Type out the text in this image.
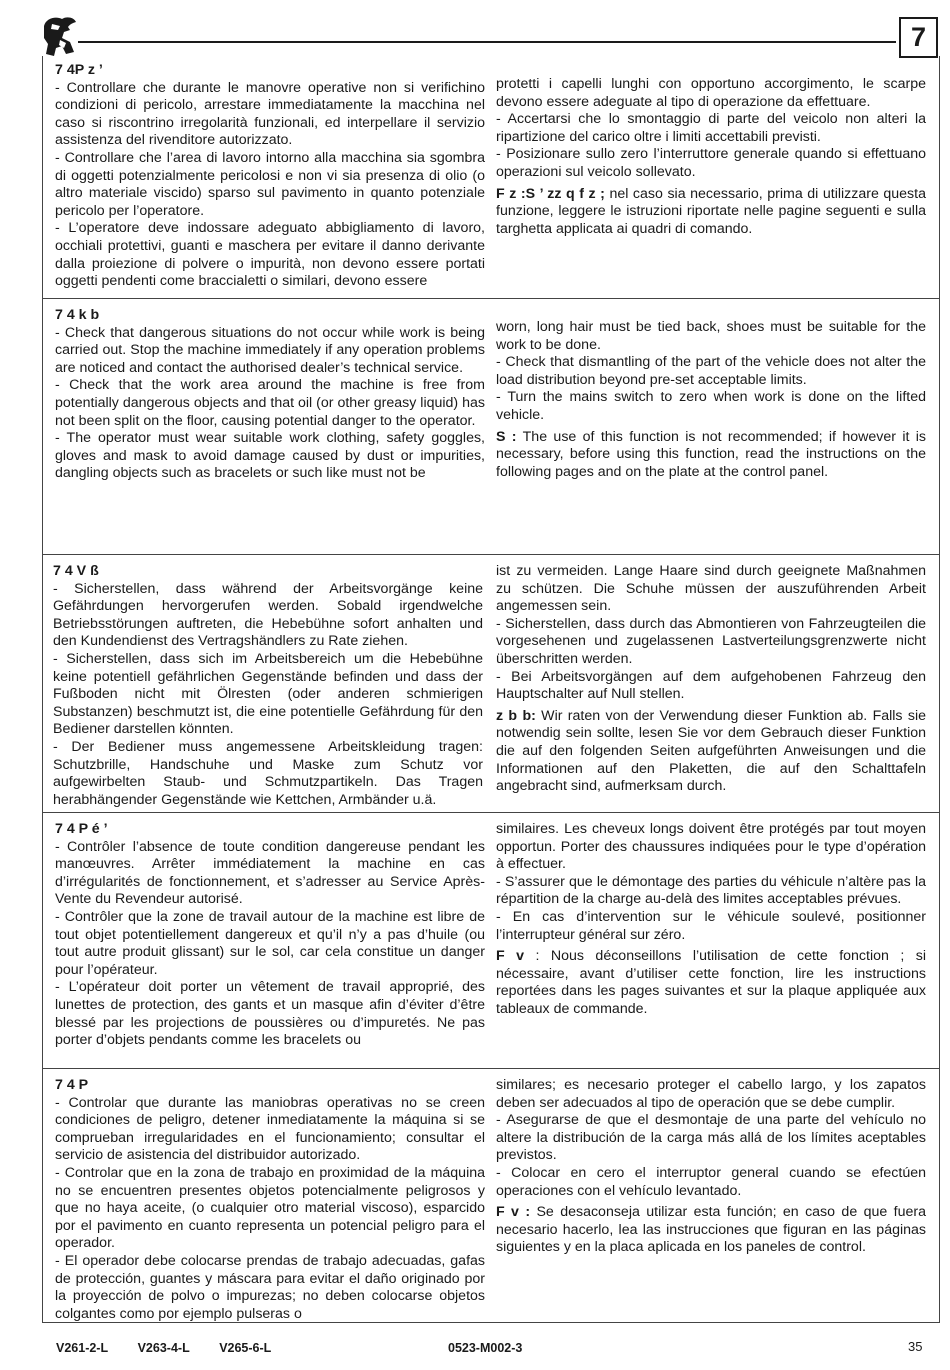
7
7 4P z ’
- Controllare che durante le manovre operative non si verifichino condizioni di pericolo, arrestare immediatamente la macchina nel caso si riscontrino irregolarità funzionali, ed interpellare il servizio assistenza del rivenditore autorizzato.
- Controllare che l’area di lavoro intorno alla macchina sia sgombra di oggetti potenzialmente pericolosi e non vi sia presenza di olio (o altro materiale viscido) sparso sul pavimento in quanto potenziale pericolo per l’operatore.
- L’operatore deve indossare adeguato abbigliamento di lavoro, occhiali protettivi, guanti e maschera per evitare il danno derivante dalla proiezione di polvere o impurità, non devono essere portati oggetti pendenti come braccialetti o similari, devono essere
protetti i capelli lunghi con opportuno accorgimento, le scarpe devono essere adeguate al tipo di operazione da effettuare.
- Accertarsi che lo smontaggio di parte del veicolo non alteri la ripartizione del carico oltre i limiti accettabili previsti.
- Posizionare sullo zero l’interruttore generale quando si effettuano operazioni sul veicolo sollevato.
F z :S ’ zz q f z ; nel caso sia necessario, prima di utilizzare questa funzione, leggere le istruzioni riportate nelle pagine seguenti e sulla targhetta applicata ai quadri di comando.
7 4 k b
- Check that dangerous situations do not occur while work is being carried out. Stop the machine immediately if any operation problems are noticed and contact the authorised dealer’s technical service.
- Check that the work area around the machine is free from potentially dangerous objects and that oil (or other greasy liquid) has not been split on the floor, causing potential danger to the operator.
- The operator must wear suitable work clothing, safety goggles, gloves and mask to avoid damage caused by dust or impurities, dangling objects such as bracelets or such like must not be
worn, long hair must be tied back, shoes must be suitable for the work to be done.
- Check that dismantling of the part of the vehicle does not alter the load distribution beyond pre-set acceptable limits.
- Turn the mains switch to zero when work is done on the lifted vehicle.
S : The use of this function is not recommended; if however it is necessary, before using this function, read the instructions on the following pages and on the plate at the control panel.
7 4 V ß
- Sicherstellen, dass während der Arbeitsvorgänge keine Gefährdungen hervorgerufen werden. Sobald irgendwelche Betriebsstörungen auftreten, die Hebebühne sofort anhalten und den Kundendienst des Vertragshändlers zu Rate ziehen.
- Sicherstellen, dass sich im Arbeitsbereich um die Hebebühne keine potentiell gefährlichen Gegenstände befinden und dass der Fußboden nicht mit Ölresten (oder anderen schmierigen Substanzen) beschmutzt ist, die eine potentielle Gefährdung für den Bediener darstellen könnten.
- Der Bediener muss angemessene Arbeitskleidung tragen: Schutzbrille, Handschuhe und Maske zum Schutz vor aufgewirbelten Staub- und Schmutzpartikeln. Das Tragen herabhängender Gegenstände wie Kettchen, Armbänder u.ä.
ist zu vermeiden. Lange Haare sind durch geeignete Maßnahmen zu schützen. Die Schuhe müssen der auszuführenden Arbeit angemessen sein.
- Sicherstellen, dass durch das Abmontieren von Fahrzeugteilen die vorgesehenen und zugelassenen Lastverteilungsgrenzwerte nicht überschritten werden.
- Bei Arbeitsvorgängen auf dem aufgehobenen Fahrzeug den Hauptschalter auf Null stellen.
z b b: Wir raten von der Verwendung dieser Funktion ab. Falls sie notwendig sein sollte, lesen Sie vor dem Gebrauch dieser Funktion die auf den folgenden Seiten aufgeführten Anweisungen und die Informationen auf den Plaketten, die auf den Schalttafeln angebracht sind, aufmerksam durch.
7 4 P é ’
- Contrôler l’absence de toute condition dangereuse pendant les manœuvres. Arrêter immédiatement la machine en cas d’irrégularités de fonctionnement, et s’adresser au Service Après-Vente du Revendeur autorisé.
- Contrôler que la zone de travail autour de la machine est libre de tout objet potentiellement dangereux et qu’il n’y a pas d’huile (ou tout autre produit glissant) sur le sol, car cela constitue un danger pour l’opérateur.
- L’opérateur doit porter un vêtement de travail approprié, des lunettes de protection, des gants et un masque afin d’éviter d’être blessé par les projections de poussières ou d’impuretés. Ne pas porter d’objets pendants comme les bracelets ou
similaires. Les cheveux longs doivent être protégés par tout moyen opportun. Porter des chaussures indiquées pour le type d’opération à effectuer.
- S’assurer que le démontage des parties du véhicule n’altère pas la répartition de la charge au-delà des limites acceptables prévues.
- En cas d’intervention sur le véhicule soulevé, positionner l’interrupteur général sur zéro.
F v : Nous déconseillons l’utilisation de cette fonction ; si nécessaire, avant d’utiliser cette fonction, lire les instructions reportées dans les pages suivantes et sur la plaque appliquée aux tableaux de commande.
7 4 P
- Controlar que durante las maniobras operativas no se creen condiciones de peligro, detener inmediatamente la máquina si se comprueban irregularidades en el funcionamiento; consultar el servicio de asistencia del distribuidor autorizado.
- Controlar que en la zona de trabajo en proximidad de la máquina no se encuentren presentes objetos potencialmente peligrosos y que no haya aceite, (o cualquier otro material viscoso), esparcido por el pavimento en cuanto representa un potencial peligro para el operador.
- El operador debe colocarse prendas de trabajo adecuadas, gafas de protección, guantes y máscara para evitar el daño originado por la proyección de polvo o impurezas; no deben colocarse objetos colgantes como por ejemplo pulseras o
similares; es necesario proteger el cabello largo, y los zapatos deben ser adecuados al tipo de operación que se debe cumplir.
- Asegurarse de que el desmontaje de una parte del vehículo no altere la distribución de la carga más allá de los límites aceptables previstos.
- Colocar en cero el interruptor general cuando se efectúen operaciones con el vehículo levantado.
F v : Se desaconseja utilizar esta función; en caso de que fuera necesario hacerlo, lea las instrucciones que figuran en las páginas siguientes y en la placa aplicada en los paneles de control.
V261-2-L V263-4-L V265-6-L	0523-M002-3	35
